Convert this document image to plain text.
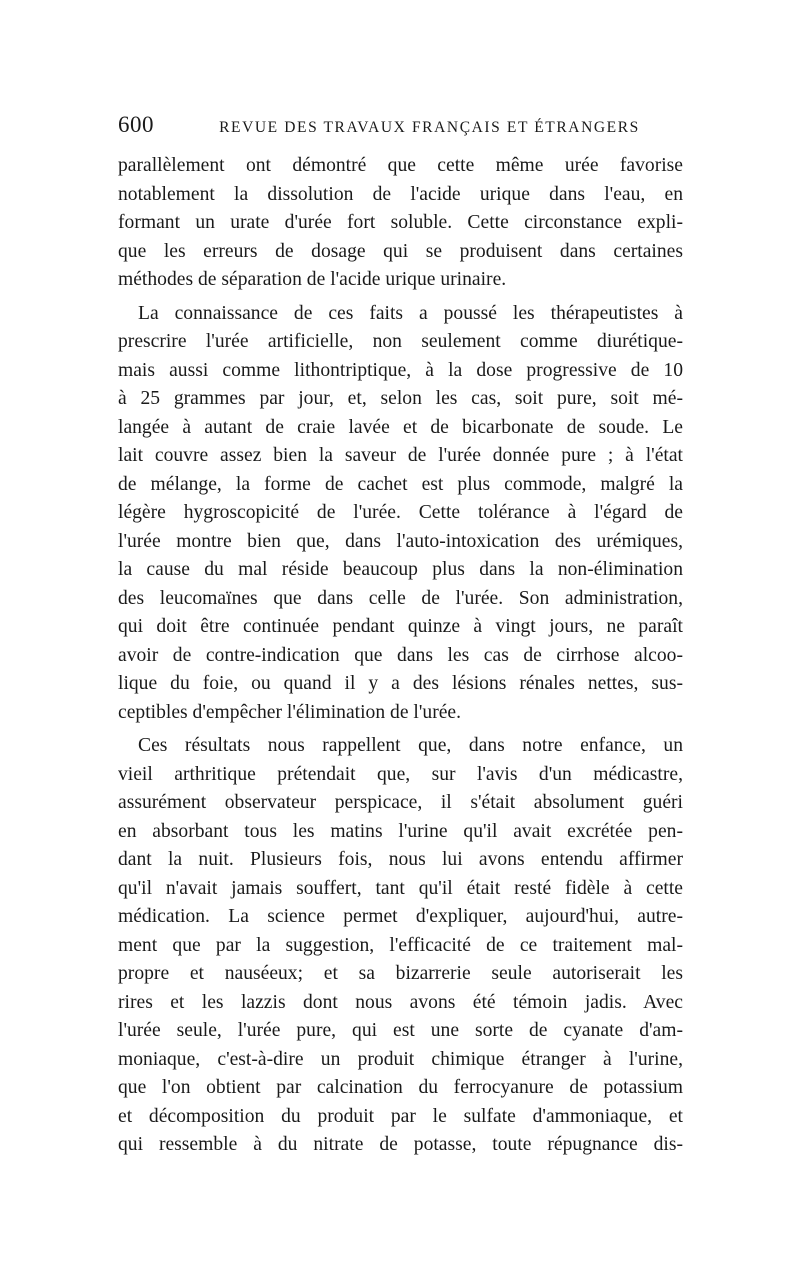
600	REVUE DES TRAVAUX FRANÇAIS ET ÉTRANGERS

parallèlement ont démontré que cette même urée favorise
notablement la dissolution de l'acide urique dans l'eau, en
formant un urate d'urée fort soluble. Cette circonstance expli-
que les erreurs de dosage qui se produisent dans certaines
méthodes de séparation de l'acide urique urinaire.

La connaissance de ces faits a poussé les thérapeutistes à
prescrire l'urée artificielle, non seulement comme diurétique-
mais aussi comme lithontriptique, à la dose progressive de 10
à 25 grammes par jour, et, selon les cas, soit pure, soit mé-
langée à autant de craie lavée et de bicarbonate de soude. Le
lait couvre assez bien la saveur de l'urée donnée pure ; à l'état
de mélange, la forme de cachet est plus commode, malgré la
légère hygroscopicité de l'urée. Cette tolérance à l'égard de
l'urée montre bien que, dans l'auto-intoxication des urémiques,
la cause du mal réside beaucoup plus dans la non-élimination
des leucomaïnes que dans celle de l'urée. Son administration,
qui doit être continuée pendant quinze à vingt jours, ne paraît
avoir de contre-indication que dans les cas de cirrhose alcoo-
lique du foie, ou quand il y a des lésions rénales nettes, sus-
ceptibles d'empêcher l'élimination de l'urée.

Ces résultats nous rappellent que, dans notre enfance, un
vieil arthritique prétendait que, sur l'avis d'un médicastre,
assurément observateur perspicace, il s'était absolument guéri
en absorbant tous les matins l'urine qu'il avait excrétée pen-
dant la nuit. Plusieurs fois, nous lui avons entendu affirmer
qu'il n'avait jamais souffert, tant qu'il était resté fidèle à cette
médication. La science permet d'expliquer, aujourd'hui, autre-
ment que par la suggestion, l'efficacité de ce traitement mal-
propre et nauséeux; et sa bizarrerie seule autoriserait les
rires et les lazzis dont nous avons été témoin jadis. Avec
l'urée seule, l'urée pure, qui est une sorte de cyanate d'am-
moniaque, c'est-à-dire un produit chimique étranger à l'urine,
que l'on obtient par calcination du ferrocyanure de potassium
et décomposition du produit par le sulfate d'ammoniaque, et
qui ressemble à du nitrate de potasse, toute répugnance dis-
